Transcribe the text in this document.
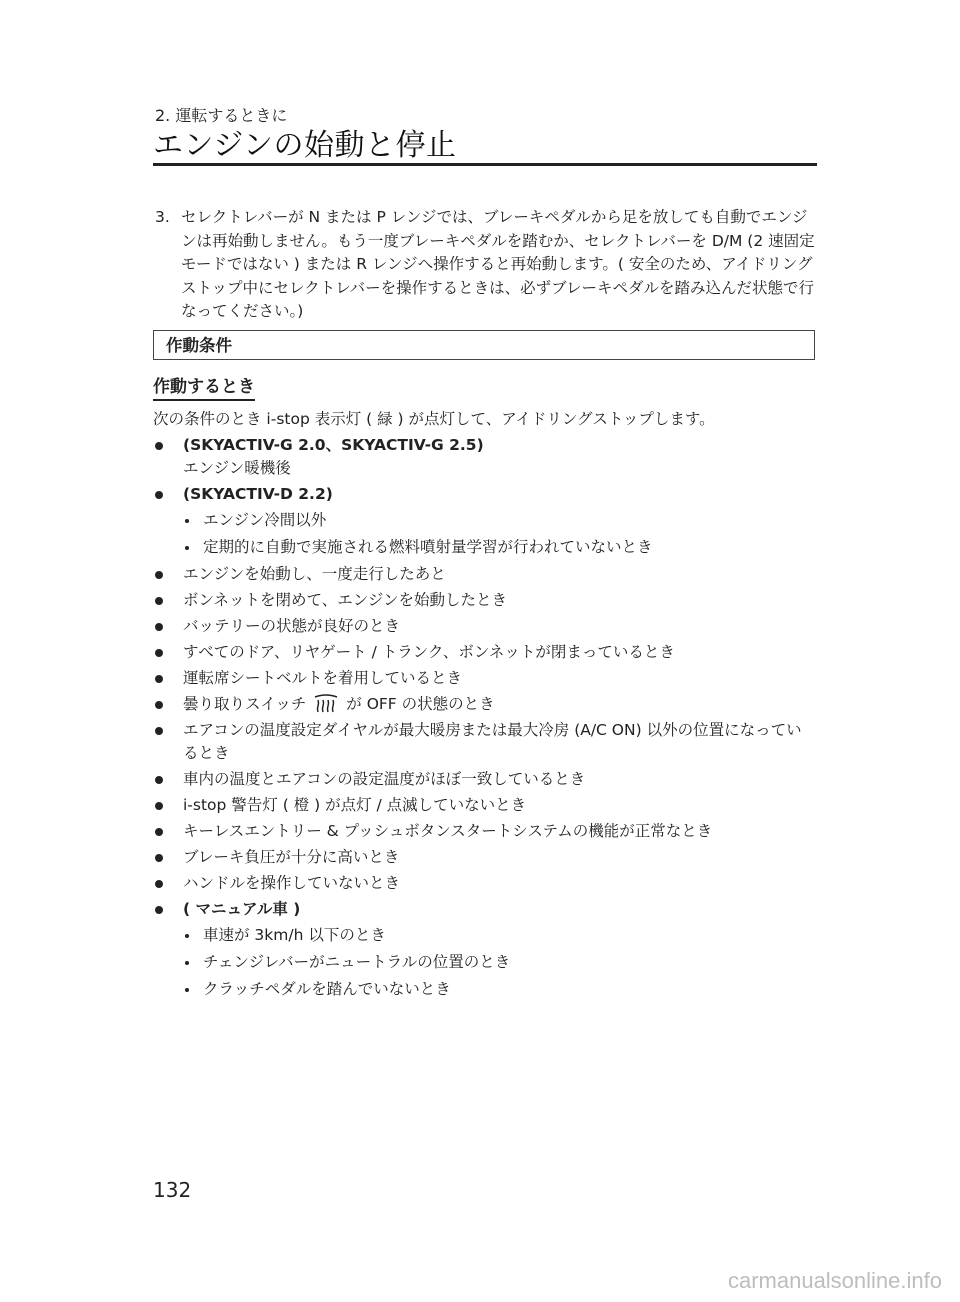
2. 運転するときに
エンジンの始動と停止
3. セレクトレバーが N または P レンジでは、ブレーキペダルから足を放しても自動でエンジンは再始動しません。もう一度ブレーキペダルを踏むか、セレクトレバーを D/M (2 速固定モードではない ) または R レンジへ操作すると再始動します。( 安全のため、アイドリングストップ中にセレクトレバーを操作するときは、必ずブレーキペダルを踏み込んだ状態で行なってください。)
作動条件
作動するとき
次の条件のとき i-stop 表示灯 ( 緑 ) が点灯して、アイドリングストップします。
(SKYACTIV-G 2.0、SKYACTIV-G 2.5)
エンジン暖機後
(SKYACTIV-D 2.2)
エンジン冷間以外
定期的に自動で実施される燃料噴射量学習が行われていないとき
エンジンを始動し、一度走行したあと
ボンネットを閉めて、エンジンを始動したとき
バッテリーの状態が良好のとき
すべてのドア、リヤゲート / トランク、ボンネットが閉まっているとき
運転席シートベルトを着用しているとき
曇り取りスイッチ	が OFF の状態のとき
エアコンの温度設定ダイヤルが最大暖房または最大冷房 (A/C ON) 以外の位置になっているとき
車内の温度とエアコンの設定温度がほぼ一致しているとき
i-stop 警告灯 ( 橙 ) が点灯 / 点滅していないとき
キーレスエントリー & プッシュボタンスタートシステムの機能が正常なとき
ブレーキ負圧が十分に高いとき
ハンドルを操作していないとき
( マニュアル車 )
車速が 3km/h 以下のとき
チェンジレバーがニュートラルの位置のとき
クラッチペダルを踏んでいないとき
132
carmanualsonline.info
